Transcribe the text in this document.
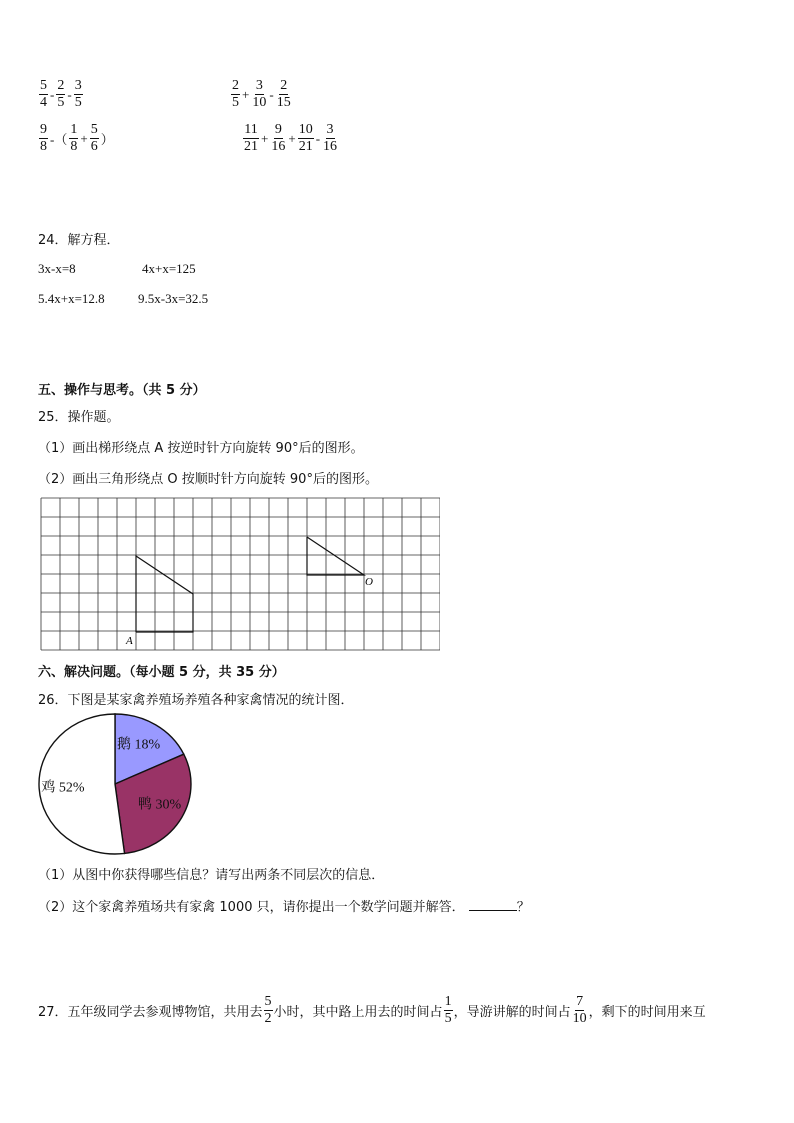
$\frac{5}{4} - \frac{2}{5} - \frac{3}{5}$	$\frac{2}{5} + \frac{3}{10} - \frac{2}{15}$
$\frac{9}{8}$ -（ $\frac{1}{8} + \frac{5}{6}$ ）	$\frac{11}{21} + \frac{9}{16} + \frac{10}{21} - \frac{3}{16}$
24．解方程．
3x-x=8	4x+x=125
5.4x+x=12.8	9.5x-3x=32.5
五、操作与思考。（共 5 分）
25．操作题。
（1）画出梯形绕点 A 按逆时针方向旋转 90°后的图形。
（2）画出三角形绕点 O 按顺时针方向旋转 90°后的图形。
A
O
六、解决问题。（每小题 5 分，共 35 分）
26．下图是某家禽养殖场养殖各种家禽情况的统计图．
鹅 18%
鸭 30%
鸡 52%
（1）从图中你获得哪些信息？请写出两条不同层次的信息．
（2）这个家禽养殖场共有家禽 1000 只，请你提出一个数学问题并解答．	？
27．五年级同学去参观博物馆，共用去 $\frac{5}{2}$ 小时，其中路上用去的时间占 $\frac{1}{5}$ ，导游讲解的时间占 $\frac{7}{10}$ ，剩下的时间用来互
